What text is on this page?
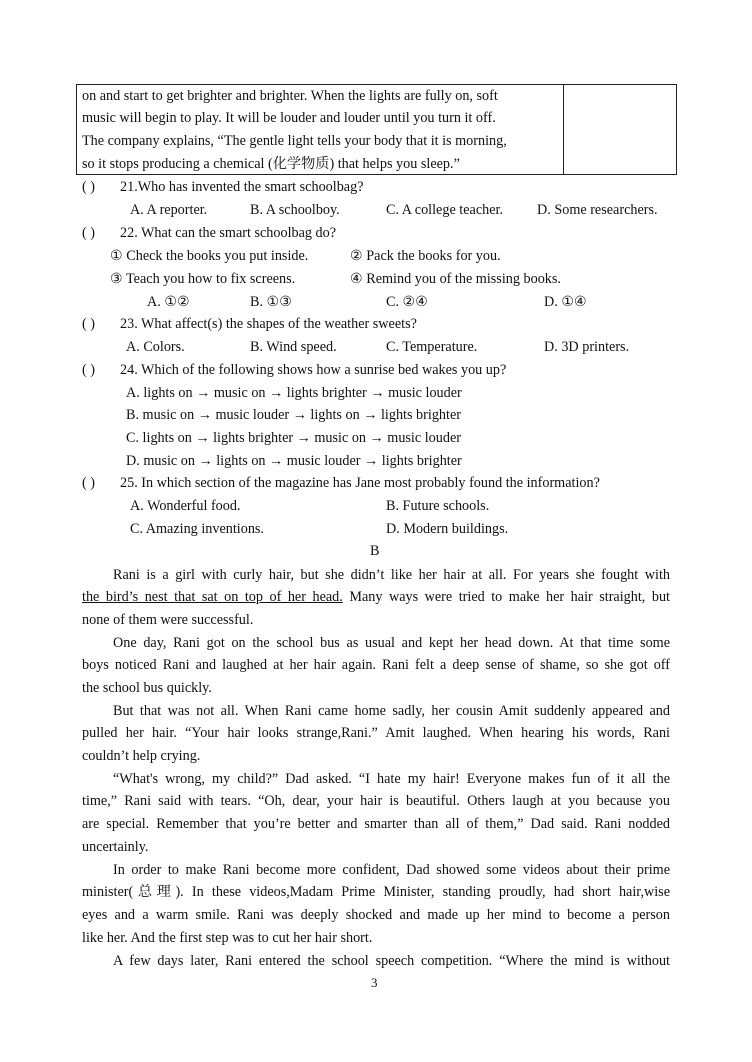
on and start to get brighter and brighter. When the lights are fully on, soft
music will begin to play. It will be louder and louder until you turn it off.
The company explains, “The gentle light tells your body that it is morning,
so it stops producing a chemical (化学物质) that helps you sleep.”
( ) 21.Who has invented the smart schoolbag?
A. A reporter.	B. A schoolboy.	C. A college teacher. D. Some researchers.
( ) 22. What can the smart schoolbag do?
① Check the books you put inside.	② Pack the books for you.
③ Teach you how to fix screens.	④ Remind you of the missing books.
A. ①②	B. ①③	C. ②④	D. ①④
( ) 23. What affect(s) the shapes of the weather sweets?
A. Colors.	B. Wind speed.	C. Temperature.	D. 3D printers.
( ) 24. Which of the following shows how a sunrise bed wakes you up?
A. lights on → music on → lights brighter → music louder
B. music on → music louder → lights on → lights brighter
C. lights on → lights brighter → music on → music louder
D. music on → lights on → music louder → lights brighter
( ) 25. In which section of the magazine has Jane most probably found the information?
A. Wonderful food.	B. Future schools.
C. Amazing inventions.	D. Modern buildings.
B
Rani is a girl with curly hair, but she didn’t like her hair at all. For years she fought with
the bird’s nest that sat on top of her head. Many ways were tried to make her hair straight, but
none of them were successful.
One day, Rani got on the school bus as usual and kept her head down. At that time some
boys noticed Rani and laughed at her hair again. Rani felt a deep sense of shame, so she got off
the school bus quickly.
But that was not all. When Rani came home sadly, her cousin Amit suddenly appeared and
pulled her hair. “Your hair looks strange,Rani.” Amit laughed. When hearing his words, Rani
couldn’t help crying.
“What's wrong, my child?” Dad asked. “I hate my hair! Everyone makes fun of it all the
time,” Rani said with tears. “Oh, dear, your hair is beautiful. Others laugh at you because you
are special. Remember that you’re better and smarter than all of them,” Dad said. Rani nodded
uncertainly.
In order to make Rani become more confident, Dad showed some videos about their prime
minister(总理). In these videos,Madam Prime Minister, standing proudly, had short hair,wise
eyes and a warm smile. Rani was deeply shocked and made up her mind to become a person
like her. And the first step was to cut her hair short.
A few days later, Rani entered the school speech competition. “Where the mind is without
3
